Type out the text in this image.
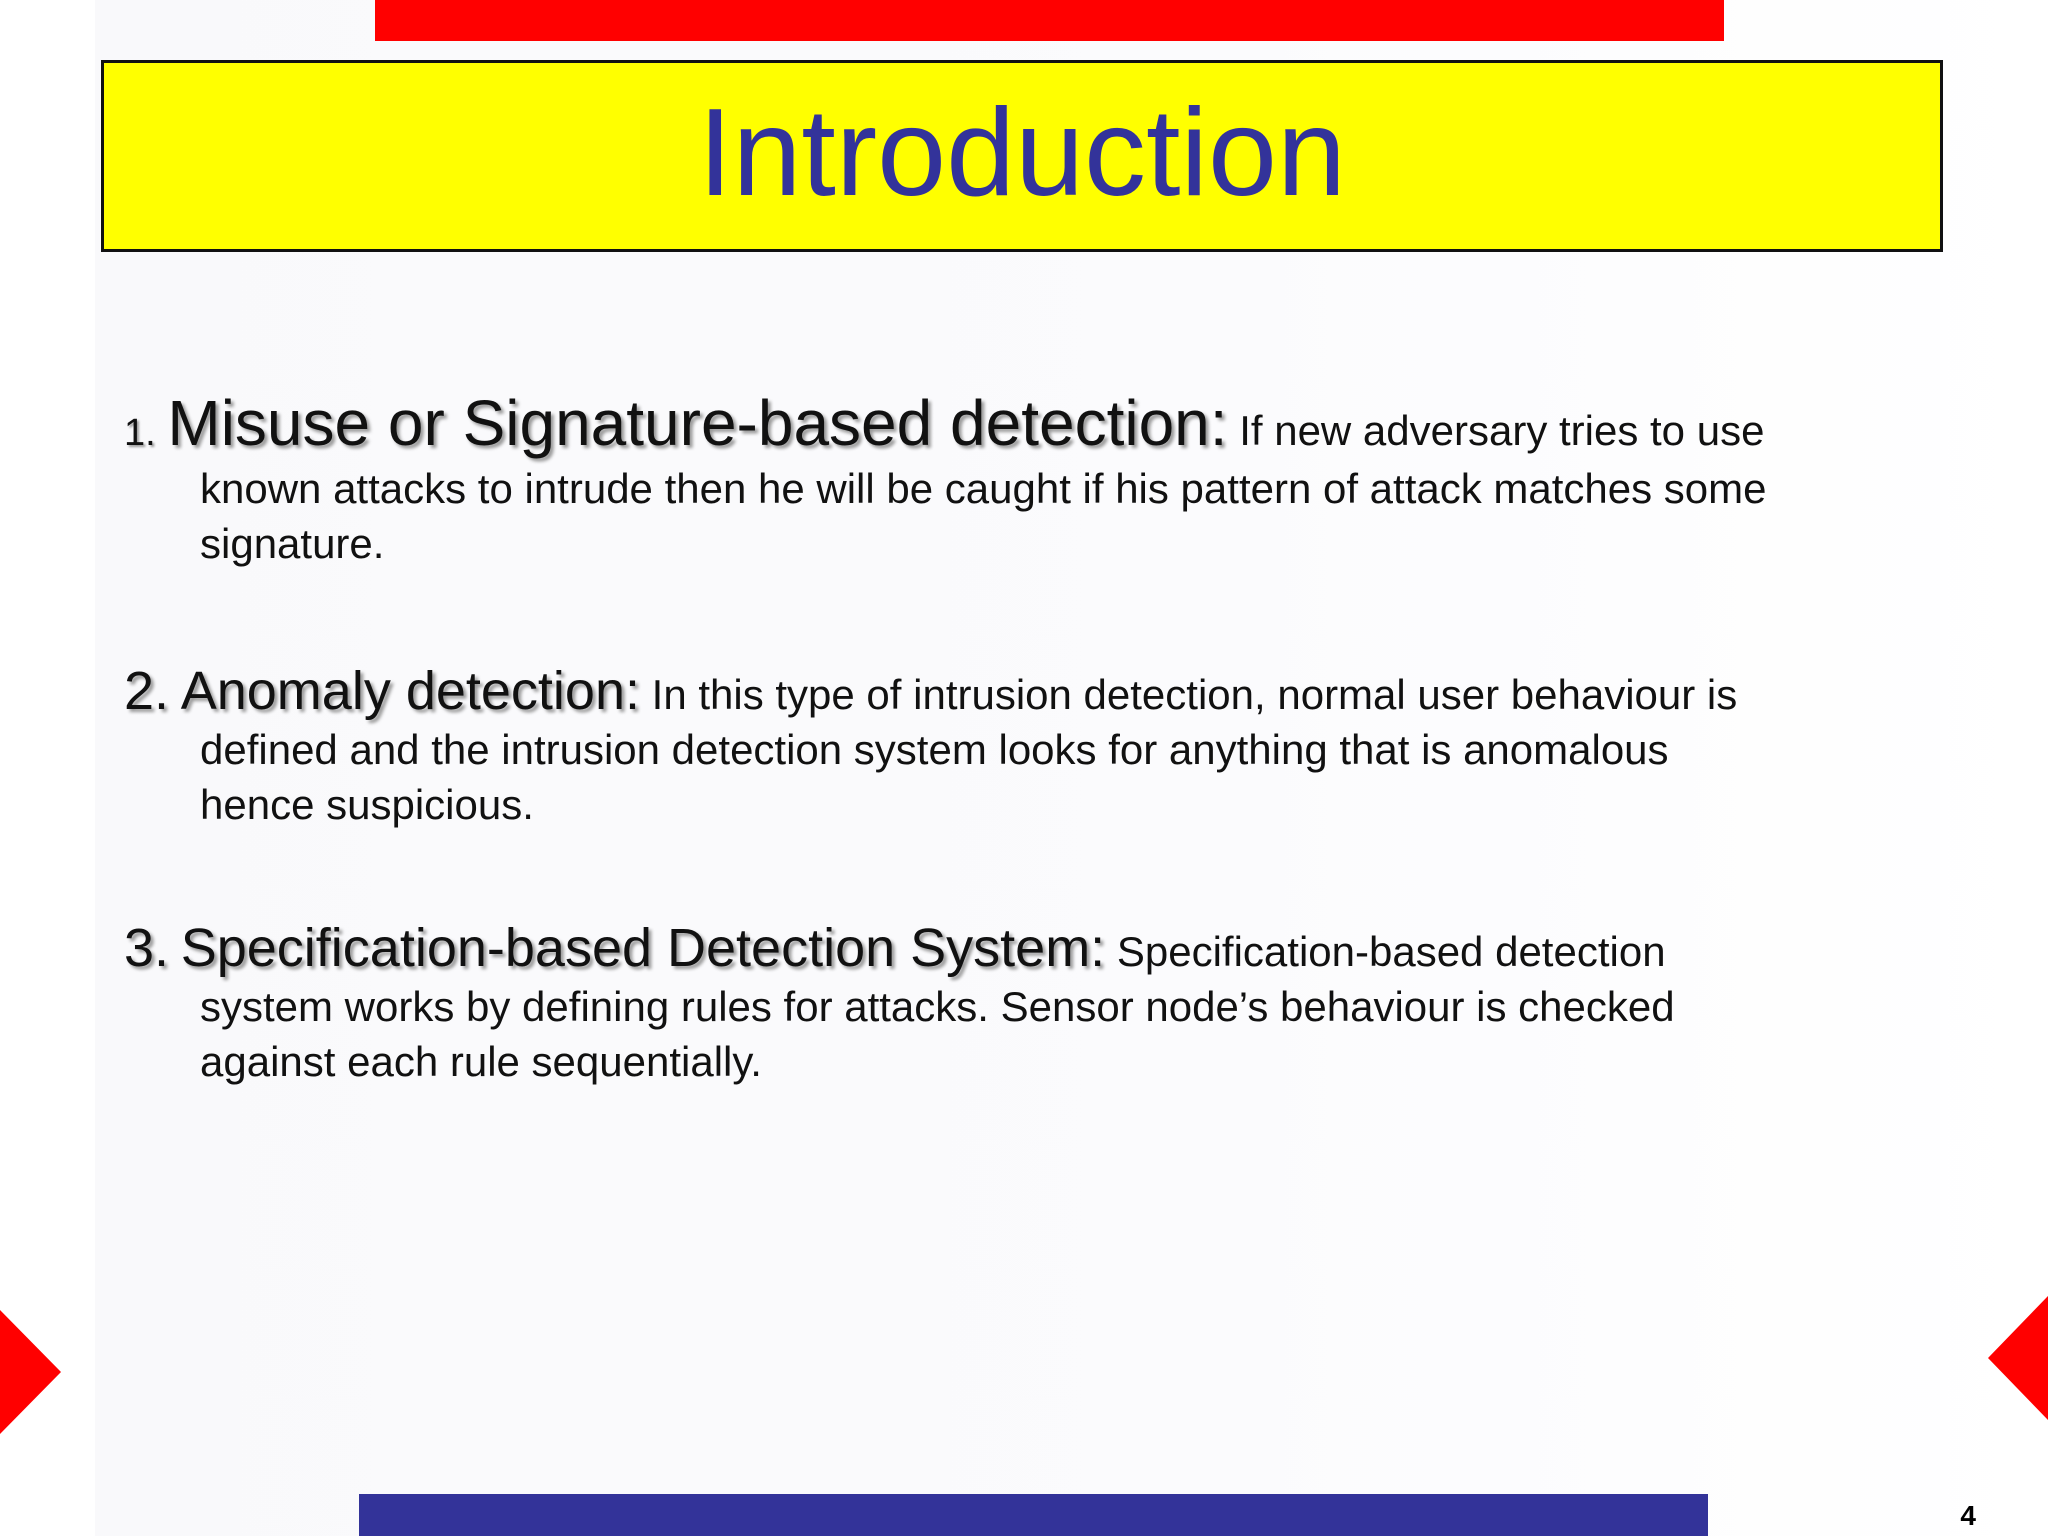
Introduction
1. Misuse or Signature-based detection: If new adversary tries to use
known attacks to intrude then he will be caught if his pattern of attack matches some
signature.
2. Anomaly detection: In this type of intrusion detection, normal user behaviour is
defined and the intrusion detection system looks for anything that is anomalous
hence suspicious.
3. Specification-based Detection System: Specification-based detection
system works by defining rules for attacks. Sensor node’s behaviour is checked
against each rule sequentially.
4
